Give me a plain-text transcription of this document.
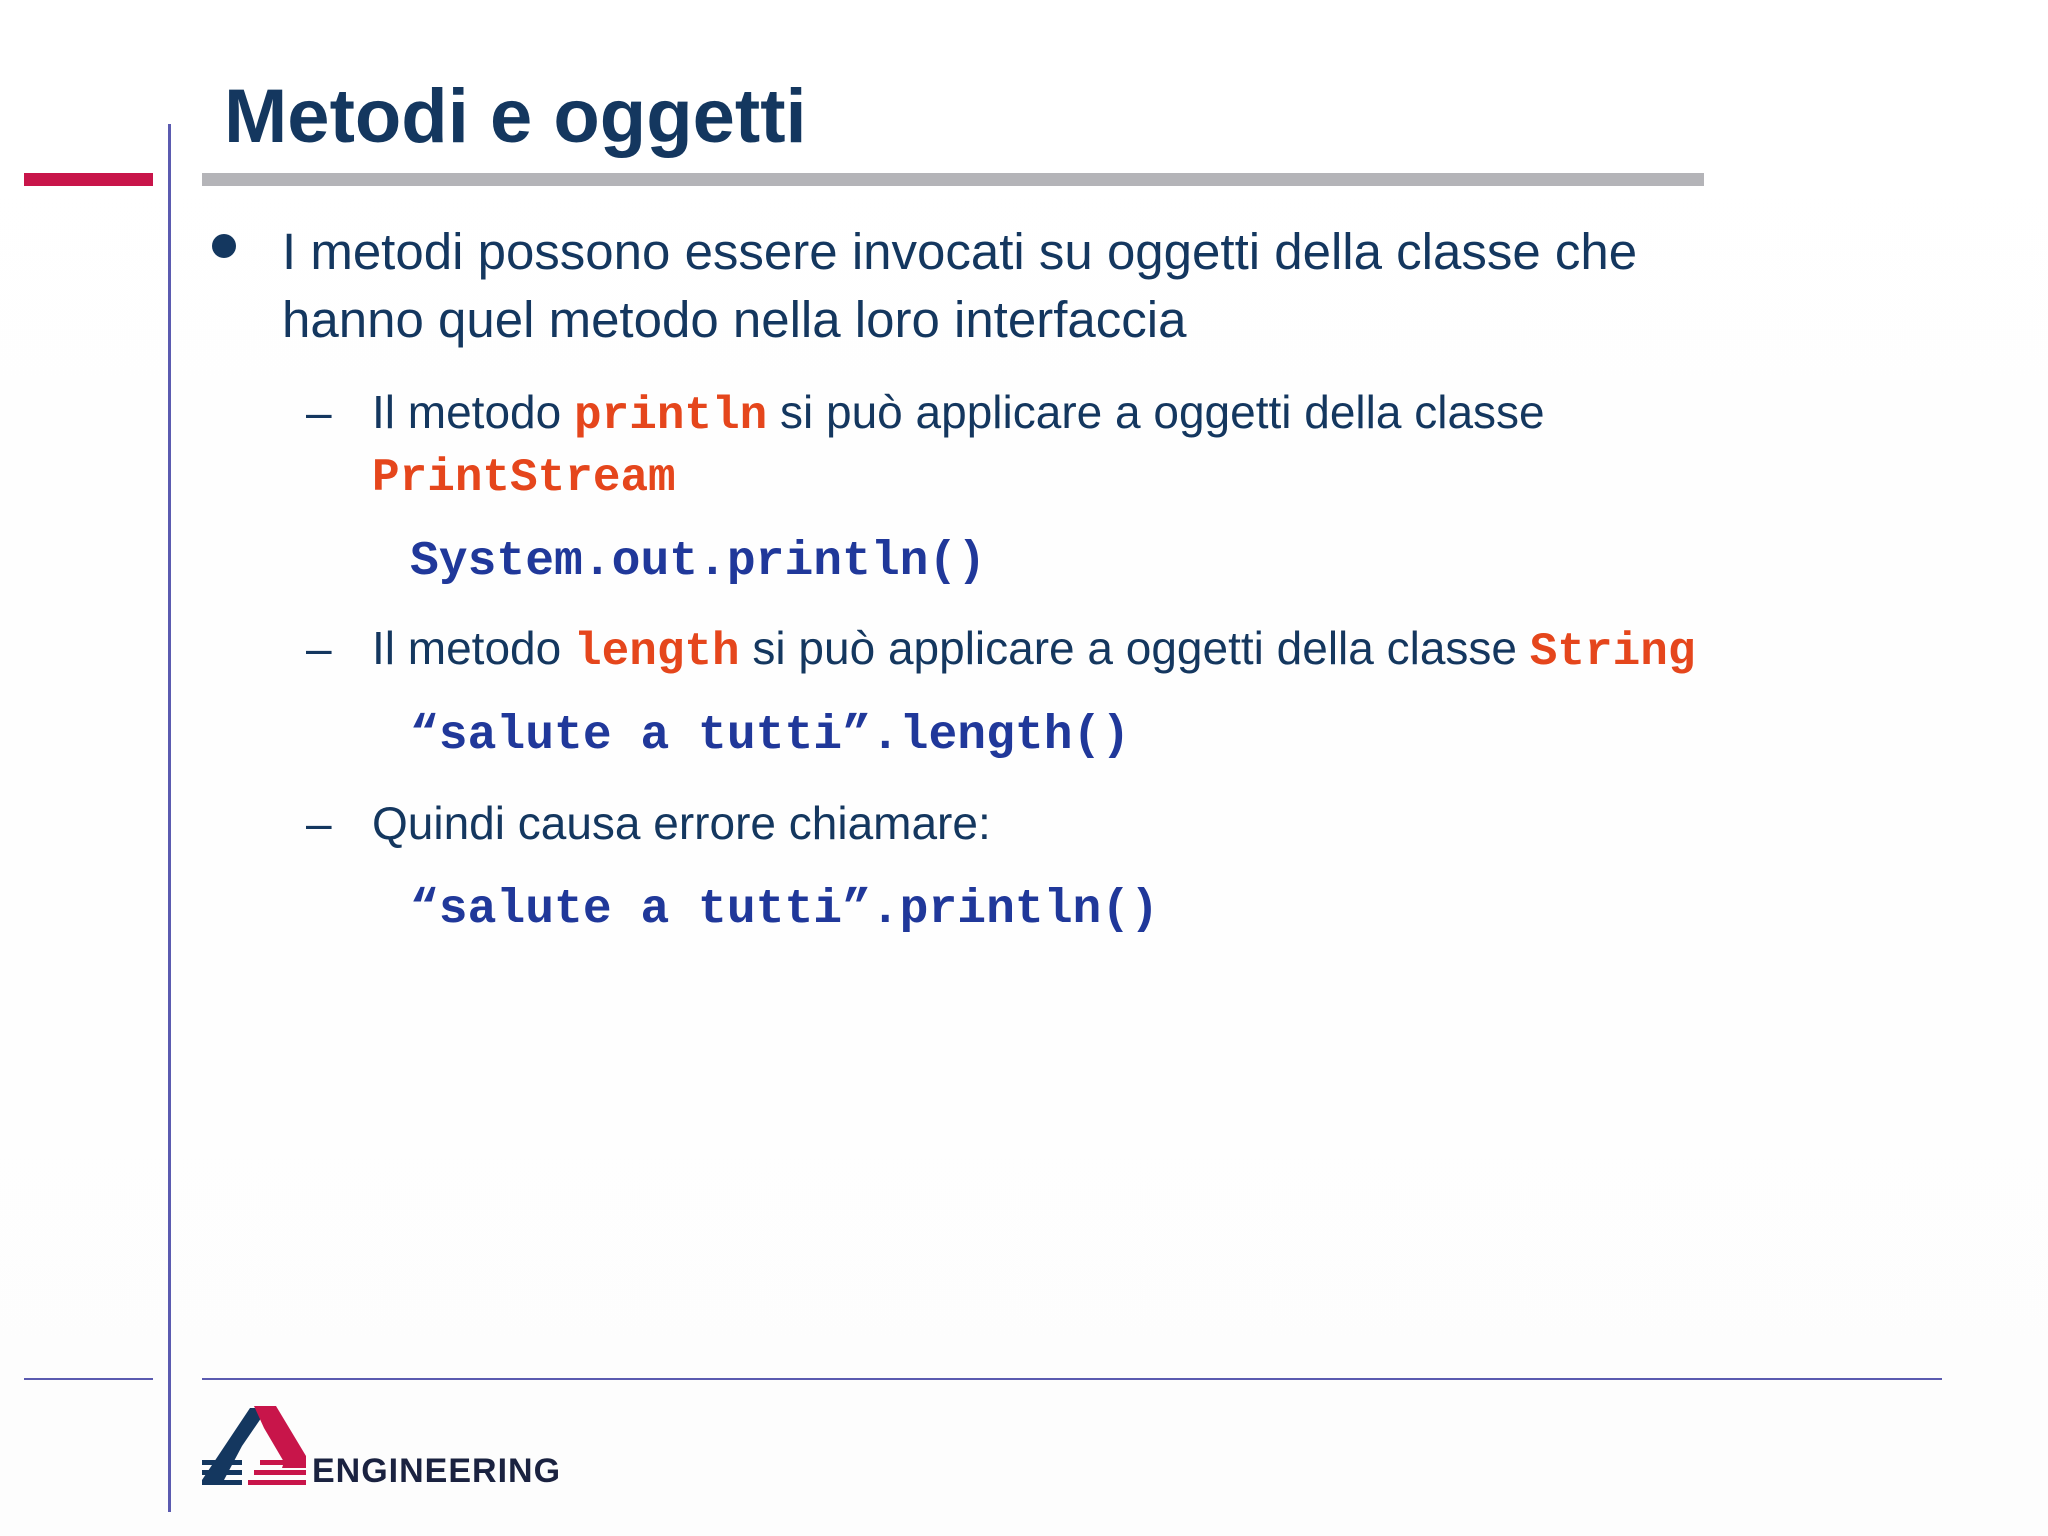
Metodi e oggetti
I metodi possono essere invocati su oggetti della classe che
hanno quel metodo nella loro interfaccia
– Il metodo println si può applicare a oggetti della classe
PrintStream
System.out.println()
– Il metodo length si può applicare a oggetti della classe String
“salute a tutti”.length()
– Quindi causa errore chiamare:
“salute a tutti”.println()
ENGINEERING
